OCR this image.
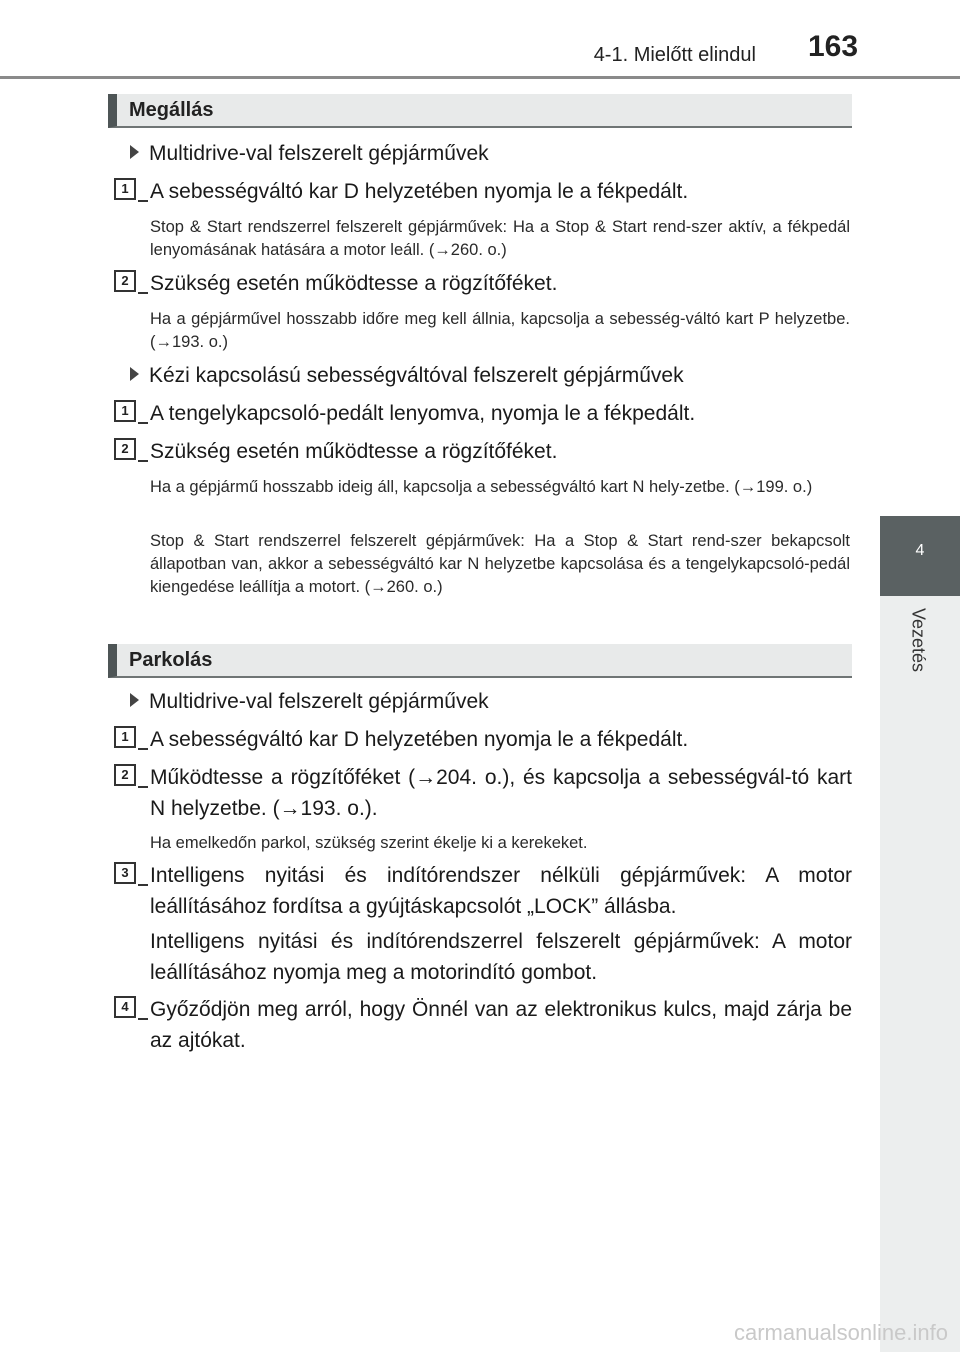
4-1. Mielőtt elindul 163
4
Vezetés
Megállás
Multidrive-val felszerelt gépjárművek
1	A sebességváltó kar D helyzetében nyomja le a fékpedált.
Stop & Start rendszerrel felszerelt gépjárművek: Ha a Stop & Start rend-szer aktív, a fékpedál lenyomásának hatására a motor leáll. (→260. o.)
2	Szükség esetén működtesse a rögzítőféket.
Ha a gépjárművel hosszabb időre meg kell állnia, kapcsolja a sebesség-váltó kart P helyzetbe. (→193. o.)
Kézi kapcsolású sebességváltóval felszerelt gépjárművek
1	A tengelykapcsoló-pedált lenyomva, nyomja le a fékpedált.
2	Szükség esetén működtesse a rögzítőféket.
Ha a gépjármű hosszabb ideig áll, kapcsolja a sebességváltó kart N hely-zetbe. (→199. o.)
Stop & Start rendszerrel felszerelt gépjárművek: Ha a Stop & Start rend-szer bekapcsolt állapotban van, akkor a sebességváltó kar N helyzetbe kapcsolása és a tengelykapcsoló-pedál kiengedése leállítja a motort. (→260. o.)
Parkolás
Multidrive-val felszerelt gépjárművek
1	A sebességváltó kar D helyzetében nyomja le a fékpedált.
2	Működtesse a rögzítőféket (→204. o.), és kapcsolja a sebességvál-tó kart N helyzetbe. (→193. o.).
Ha emelkedőn parkol, szükség szerint ékelje ki a kerekeket.
3	Intelligens nyitási és indítórendszer nélküli gépjárművek: A motor leállításához fordítsa a gyújtáskapcsolót „LOCK” állásba.
Intelligens nyitási és indítórendszerrel felszerelt gépjárművek: A motor leállításához nyomja meg a motorindító gombot.
4	Győződjön meg arról, hogy Önnél van az elektronikus kulcs, majd zárja be az ajtókat.
carmanualsonline.info
